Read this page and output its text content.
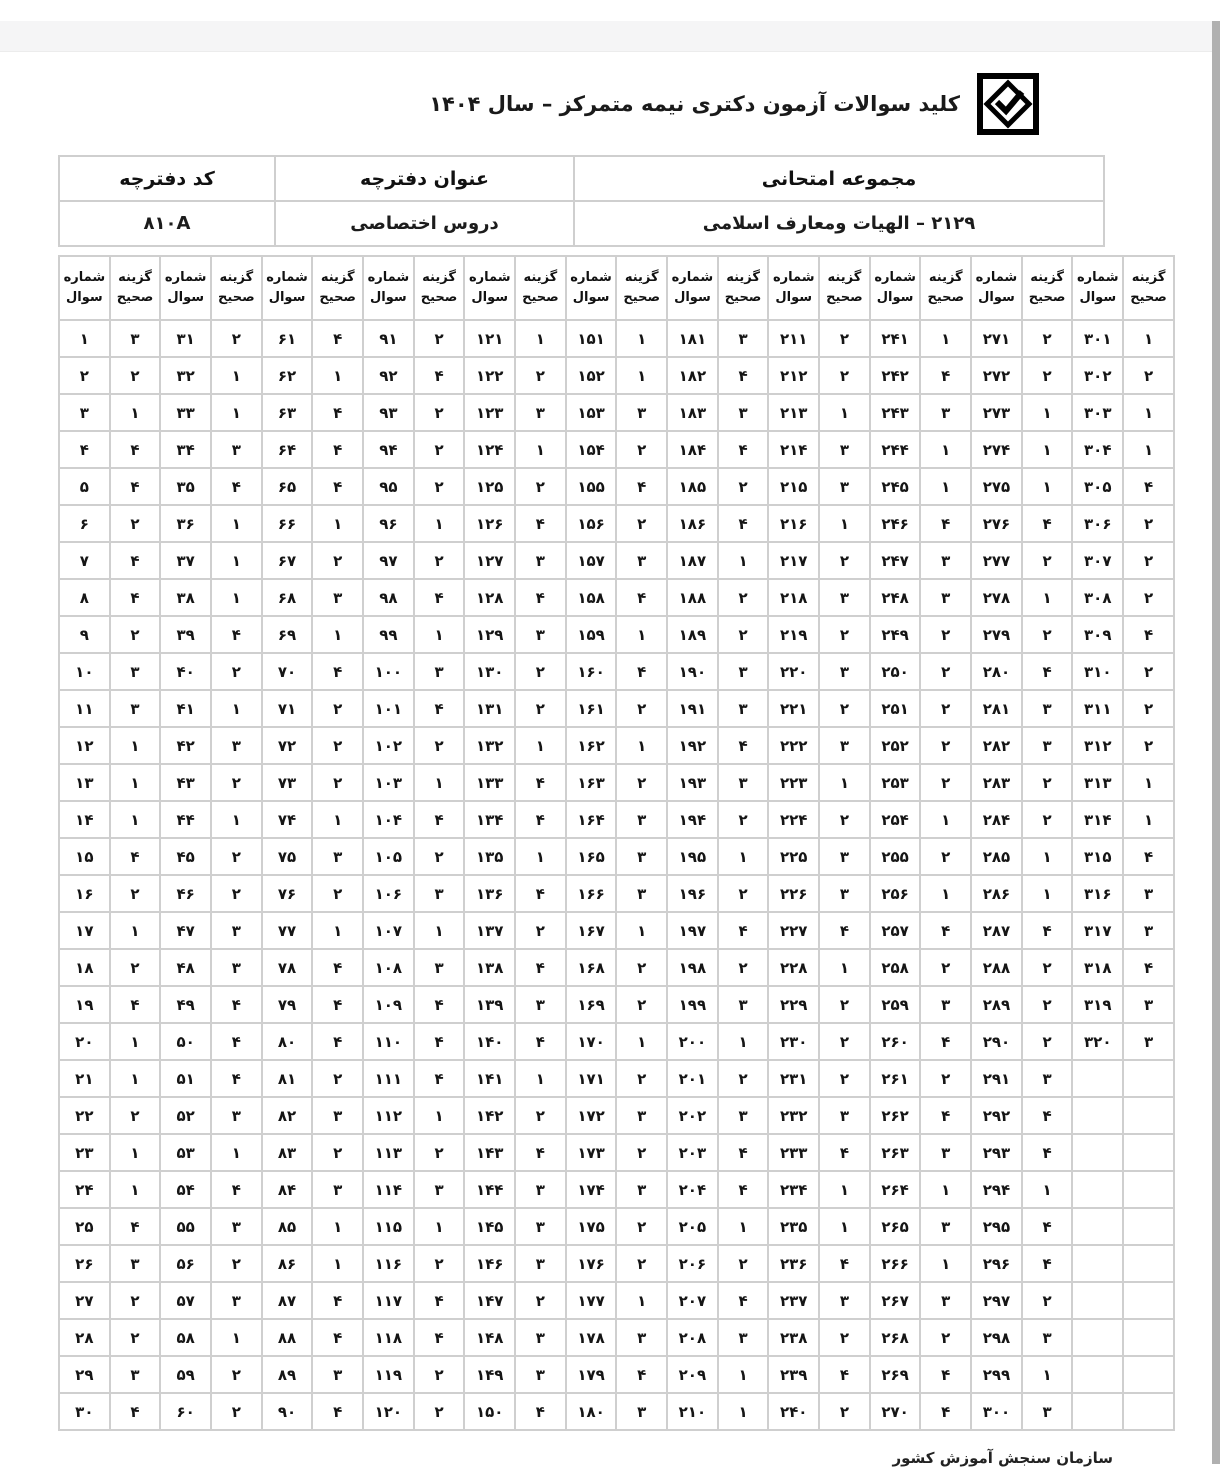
کلید سوالات آزمون دکتری نیمه متمرکز – سال ۱۴۰۴
مجموعه امتحانی	عنوان دفترچه	کد دفترچه
۲۱۲۹ – الهیات ومعارف اسلامی	دروس اختصاصی	۸۱۰A
شماره
سوال	گزینه
صحیح	شماره
سوال	گزینه
صحیح	شماره
سوال	گزینه
صحیح	شماره
سوال	گزینه
صحیح	شماره
سوال	گزینه
صحیح	شماره
سوال	گزینه
صحیح	شماره
سوال	گزینه
صحیح	شماره
سوال	گزینه
صحیح	شماره
سوال	گزینه
صحیح	شماره
سوال	گزینه
صحیح	شماره
سوال	گزینه
صحیح
۱	۳	۳۱	۲	۶۱	۴	۹۱	۲	۱۲۱	۱	۱۵۱	۱	۱۸۱	۳	۲۱۱	۲	۲۴۱	۱	۲۷۱	۲	۳۰۱	۱
۲	۲	۳۲	۱	۶۲	۱	۹۲	۴	۱۲۲	۲	۱۵۲	۱	۱۸۲	۴	۲۱۲	۲	۲۴۲	۴	۲۷۲	۲	۳۰۲	۲
۳	۱	۳۳	۱	۶۳	۴	۹۳	۲	۱۲۳	۳	۱۵۳	۳	۱۸۳	۳	۲۱۳	۱	۲۴۳	۳	۲۷۳	۱	۳۰۳	۱
۴	۴	۳۴	۳	۶۴	۴	۹۴	۲	۱۲۴	۱	۱۵۴	۲	۱۸۴	۴	۲۱۴	۳	۲۴۴	۱	۲۷۴	۱	۳۰۴	۱
۵	۴	۳۵	۴	۶۵	۴	۹۵	۲	۱۲۵	۲	۱۵۵	۴	۱۸۵	۲	۲۱۵	۳	۲۴۵	۱	۲۷۵	۱	۳۰۵	۴
۶	۲	۳۶	۱	۶۶	۱	۹۶	۱	۱۲۶	۴	۱۵۶	۲	۱۸۶	۴	۲۱۶	۱	۲۴۶	۴	۲۷۶	۴	۳۰۶	۲
۷	۴	۳۷	۱	۶۷	۲	۹۷	۲	۱۲۷	۳	۱۵۷	۳	۱۸۷	۱	۲۱۷	۲	۲۴۷	۳	۲۷۷	۲	۳۰۷	۲
۸	۴	۳۸	۱	۶۸	۳	۹۸	۴	۱۲۸	۴	۱۵۸	۴	۱۸۸	۲	۲۱۸	۳	۲۴۸	۳	۲۷۸	۱	۳۰۸	۲
۹	۲	۳۹	۴	۶۹	۱	۹۹	۱	۱۲۹	۳	۱۵۹	۱	۱۸۹	۲	۲۱۹	۲	۲۴۹	۲	۲۷۹	۲	۳۰۹	۴
۱۰	۳	۴۰	۲	۷۰	۴	۱۰۰	۳	۱۳۰	۲	۱۶۰	۴	۱۹۰	۳	۲۲۰	۳	۲۵۰	۲	۲۸۰	۴	۳۱۰	۲
۱۱	۳	۴۱	۱	۷۱	۲	۱۰۱	۴	۱۳۱	۲	۱۶۱	۲	۱۹۱	۳	۲۲۱	۲	۲۵۱	۲	۲۸۱	۳	۳۱۱	۲
۱۲	۱	۴۲	۳	۷۲	۲	۱۰۲	۲	۱۳۲	۱	۱۶۲	۱	۱۹۲	۴	۲۲۲	۳	۲۵۲	۲	۲۸۲	۳	۳۱۲	۲
۱۳	۱	۴۳	۲	۷۳	۲	۱۰۳	۱	۱۳۳	۴	۱۶۳	۲	۱۹۳	۳	۲۲۳	۱	۲۵۳	۲	۲۸۳	۲	۳۱۳	۱
۱۴	۱	۴۴	۱	۷۴	۱	۱۰۴	۴	۱۳۴	۴	۱۶۴	۳	۱۹۴	۲	۲۲۴	۲	۲۵۴	۱	۲۸۴	۲	۳۱۴	۱
۱۵	۴	۴۵	۲	۷۵	۳	۱۰۵	۲	۱۳۵	۱	۱۶۵	۳	۱۹۵	۱	۲۲۵	۳	۲۵۵	۲	۲۸۵	۱	۳۱۵	۴
۱۶	۲	۴۶	۲	۷۶	۲	۱۰۶	۳	۱۳۶	۴	۱۶۶	۳	۱۹۶	۲	۲۲۶	۳	۲۵۶	۱	۲۸۶	۱	۳۱۶	۳
۱۷	۱	۴۷	۳	۷۷	۱	۱۰۷	۱	۱۳۷	۲	۱۶۷	۱	۱۹۷	۴	۲۲۷	۴	۲۵۷	۴	۲۸۷	۴	۳۱۷	۳
۱۸	۲	۴۸	۳	۷۸	۴	۱۰۸	۳	۱۳۸	۴	۱۶۸	۲	۱۹۸	۲	۲۲۸	۱	۲۵۸	۲	۲۸۸	۲	۳۱۸	۴
۱۹	۴	۴۹	۴	۷۹	۴	۱۰۹	۴	۱۳۹	۳	۱۶۹	۲	۱۹۹	۳	۲۲۹	۲	۲۵۹	۳	۲۸۹	۲	۳۱۹	۳
۲۰	۱	۵۰	۴	۸۰	۴	۱۱۰	۴	۱۴۰	۴	۱۷۰	۱	۲۰۰	۱	۲۳۰	۲	۲۶۰	۴	۲۹۰	۲	۳۲۰	۳
۲۱	۱	۵۱	۴	۸۱	۲	۱۱۱	۴	۱۴۱	۱	۱۷۱	۲	۲۰۱	۲	۲۳۱	۲	۲۶۱	۲	۲۹۱	۳		
۲۲	۲	۵۲	۳	۸۲	۳	۱۱۲	۱	۱۴۲	۲	۱۷۲	۳	۲۰۲	۳	۲۳۲	۳	۲۶۲	۴	۲۹۲	۴		
۲۳	۱	۵۳	۱	۸۳	۲	۱۱۳	۲	۱۴۳	۴	۱۷۳	۲	۲۰۳	۴	۲۳۳	۴	۲۶۳	۳	۲۹۳	۴		
۲۴	۱	۵۴	۴	۸۴	۳	۱۱۴	۳	۱۴۴	۳	۱۷۴	۳	۲۰۴	۴	۲۳۴	۱	۲۶۴	۱	۲۹۴	۱		
۲۵	۴	۵۵	۳	۸۵	۱	۱۱۵	۱	۱۴۵	۳	۱۷۵	۲	۲۰۵	۱	۲۳۵	۱	۲۶۵	۳	۲۹۵	۴		
۲۶	۳	۵۶	۲	۸۶	۱	۱۱۶	۲	۱۴۶	۳	۱۷۶	۲	۲۰۶	۲	۲۳۶	۴	۲۶۶	۱	۲۹۶	۴		
۲۷	۲	۵۷	۳	۸۷	۴	۱۱۷	۴	۱۴۷	۲	۱۷۷	۱	۲۰۷	۴	۲۳۷	۳	۲۶۷	۳	۲۹۷	۲		
۲۸	۲	۵۸	۱	۸۸	۴	۱۱۸	۴	۱۴۸	۳	۱۷۸	۳	۲۰۸	۳	۲۳۸	۲	۲۶۸	۲	۲۹۸	۳		
۲۹	۳	۵۹	۲	۸۹	۳	۱۱۹	۲	۱۴۹	۳	۱۷۹	۴	۲۰۹	۱	۲۳۹	۴	۲۶۹	۴	۲۹۹	۱		
۳۰	۴	۶۰	۲	۹۰	۴	۱۲۰	۲	۱۵۰	۴	۱۸۰	۳	۲۱۰	۱	۲۴۰	۲	۲۷۰	۴	۳۰۰	۳		
سازمان سنجش آموزش کشور
